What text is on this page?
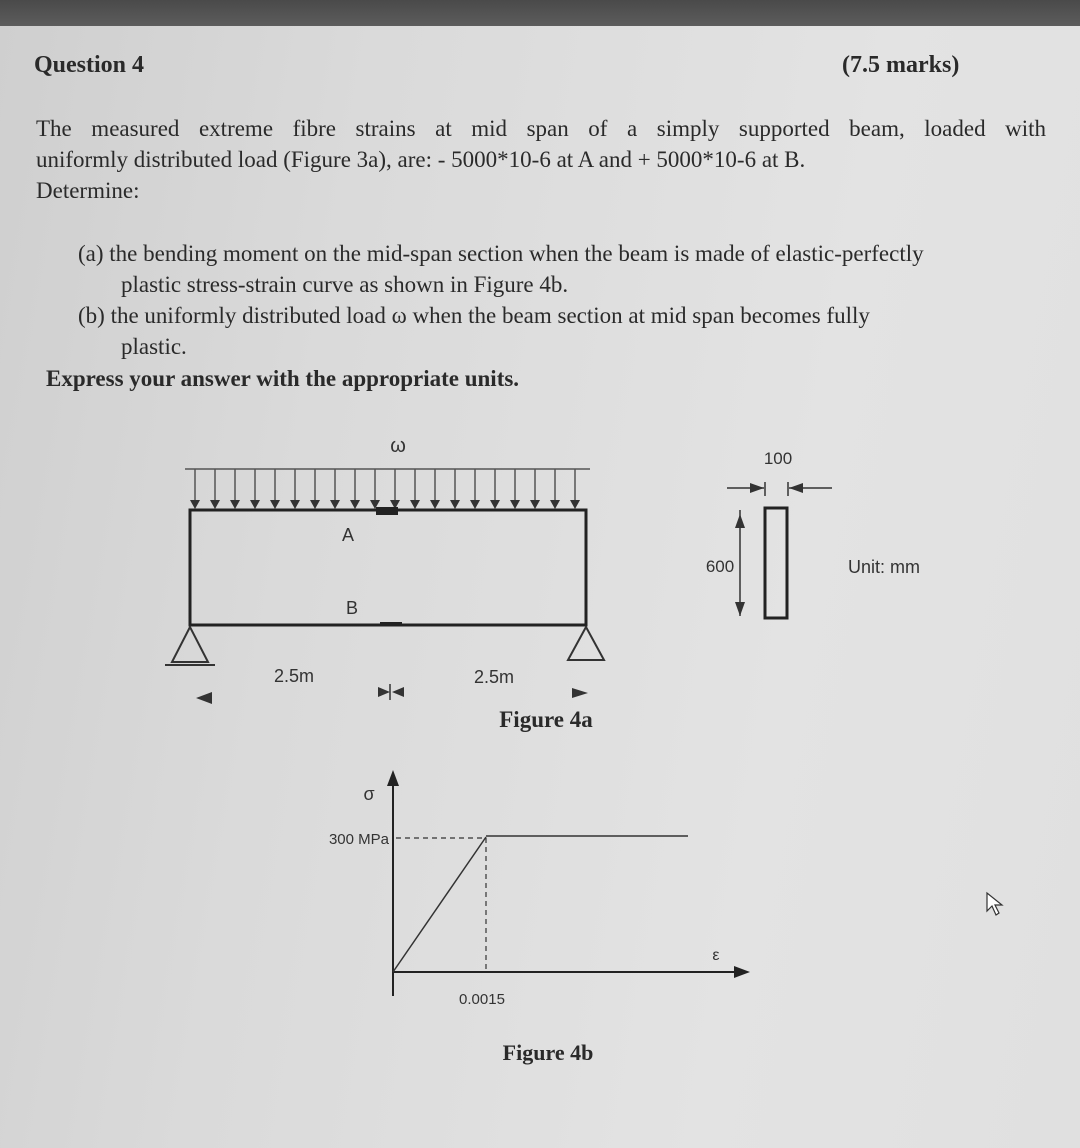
Question 4	(7.5 marks)
The measured extreme fibre strains at mid span of a simply supported beam, loaded with
uniformly distributed load (Figure 3a), are: - 5000*10-6 at A and + 5000*10-6 at B.
Determine:
(a) the bending moment on the mid-span section when the beam is made of elastic-perfectly
plastic stress-strain curve as shown in Figure 4b.
(b) the uniformly distributed load ω when the beam section at mid span becomes fully
plastic.
Express your answer with the appropriate units.
ω
A
B
2.5m	2.5m
Figure 4a
100
600	Unit: mm
σ
ε
300 MPa
0.0015
Figure 4b
